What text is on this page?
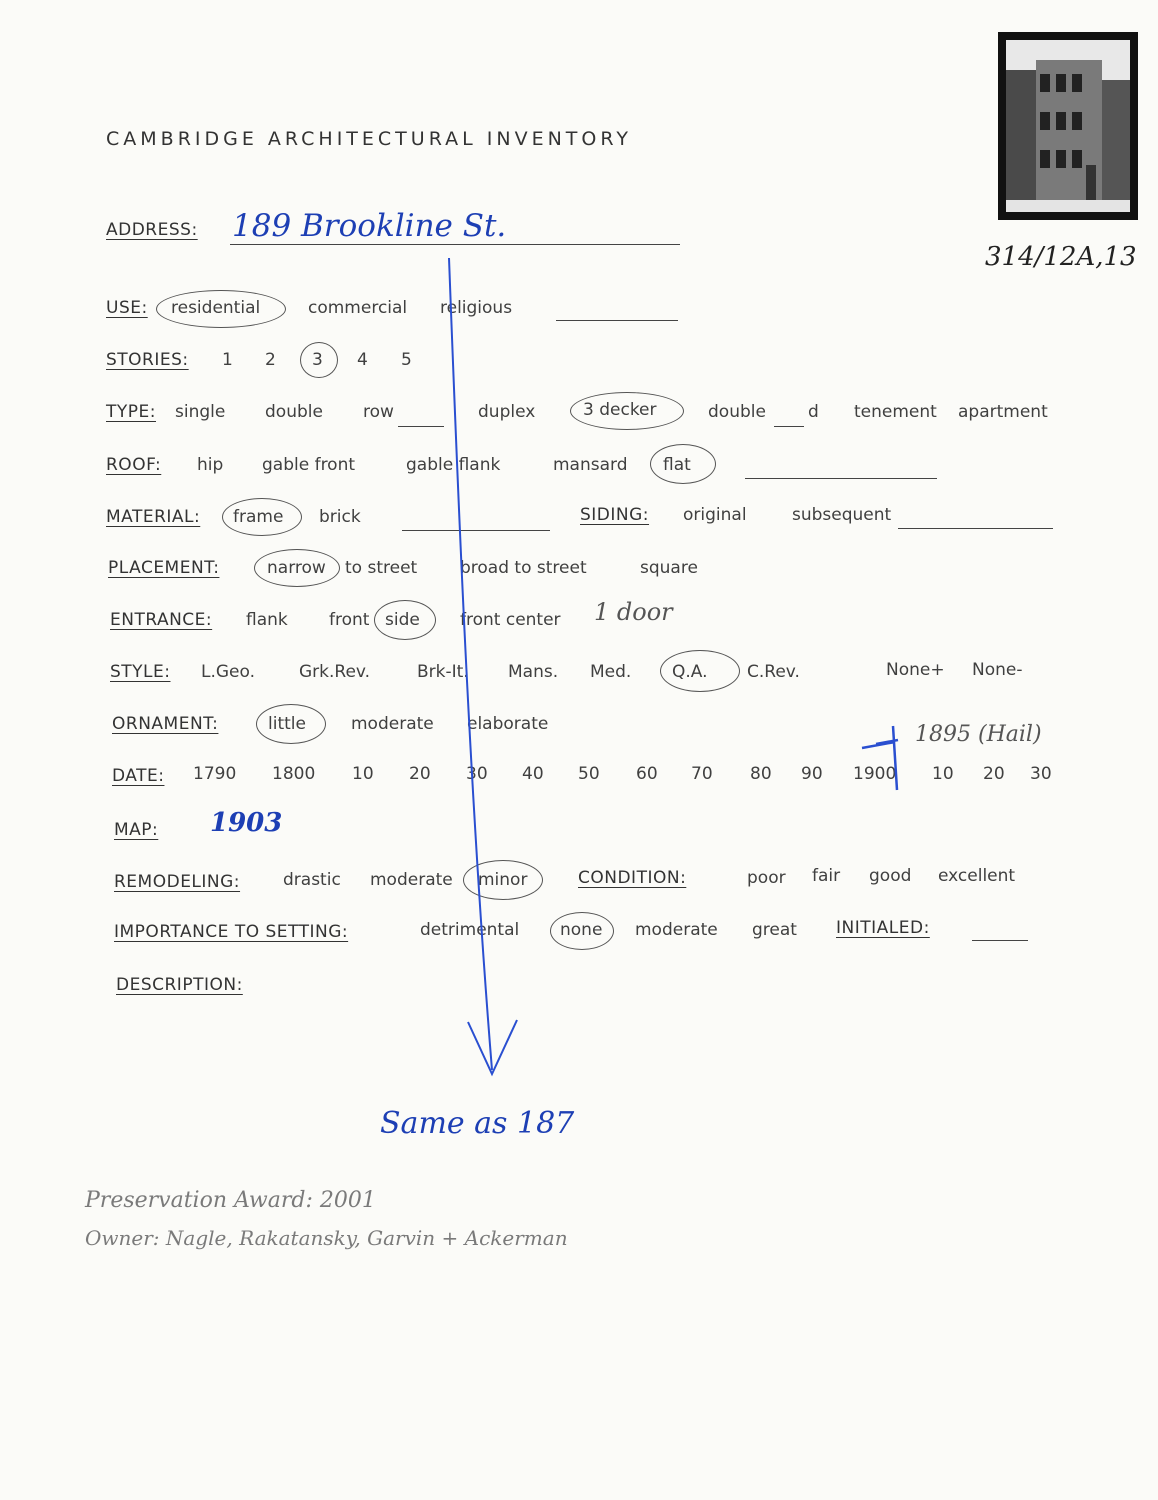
314/12A,13
CAMBRIDGE ARCHITECTURAL INVENTORY
ADDRESS: 189 Brookline St.
USE: residential	commercial religious
STORIES: 1 2 3 4 5
TYPE: single double row	duplex	3 decker	double d tenement apartment
ROOF: hip gable front	gable flank	mansard flat
MATERIAL: frame brick	SIDING: original	subsequent
PLACEMENT:	narrow to street	broad to street	square
ENTRANCE: flank front side front center 1 door
STYLE: L.Geo.	Grk.Rev.	Brk-It. Mans. Med. Q.A. C.Rev.	None+ None-
ORNAMENT:	little	moderate elaborate
DATE: 1790 1800 10 20 30 40 50 60 70 80 90 1900 10 20 30
1895 (Hail)
MAP: 1903
REMODELING:	drastic moderate minor	CONDITION:	poor fair good excellent
IMPORTANCE TO SETTING:	detrimental none moderate great INITIALED:
DESCRIPTION:
Same as 187
Preservation Award: 2001
Owner: Nagle, Rakatansky, Garvin + Ackerman
